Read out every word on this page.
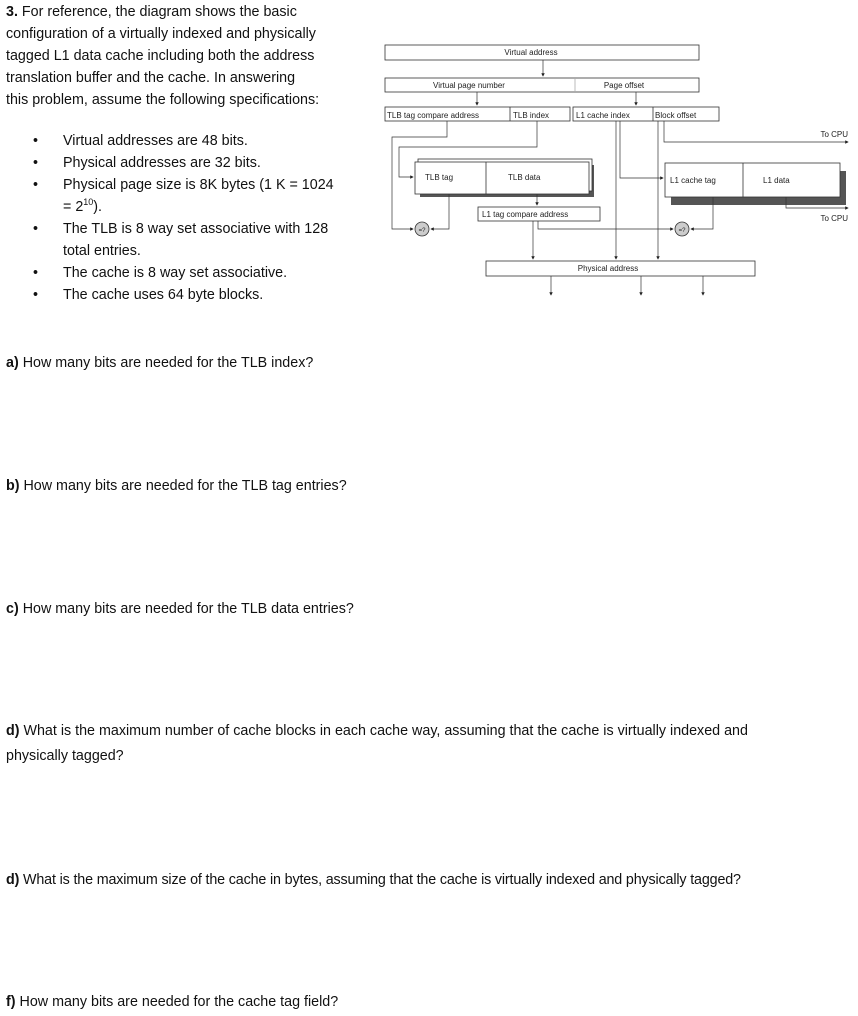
3. For reference, the diagram shows the basic
configuration of a virtually indexed and physically
tagged L1 data cache including both the address
translation buffer and the cache. In answering
this problem, assume the following specifications:
• Virtual addresses are 48 bits.
• Physical addresses are 32 bits.
• Physical page size is 8K bytes (1 K = 1024
= $2^{10}$).
• The TLB is 8 way set associative with 128
total entries.
• The cache is 8 way set associative.
• The cache uses 64 byte blocks.
a) How many bits are needed for the TLB index?
b) How many bits are needed for the TLB tag entries?
c) How many bits are needed for the TLB data entries?
d) What is the maximum number of cache blocks in each cache way, assuming that the cache is virtually indexed and
physically tagged?
d) What is the maximum size of the cache in bytes, assuming that the cache is virtually indexed and physically tagged?
f) How many bits are needed for the cache tag field?
Virtual address
Virtual page number	Page offset
TLB tag compare address	TLB index	L1 cache index	Block offset
To CPU
To CPU
TLB tag	TLB data
L1 tag compare address
L1 cache tag	L1 data
=?	=?
Physical address
